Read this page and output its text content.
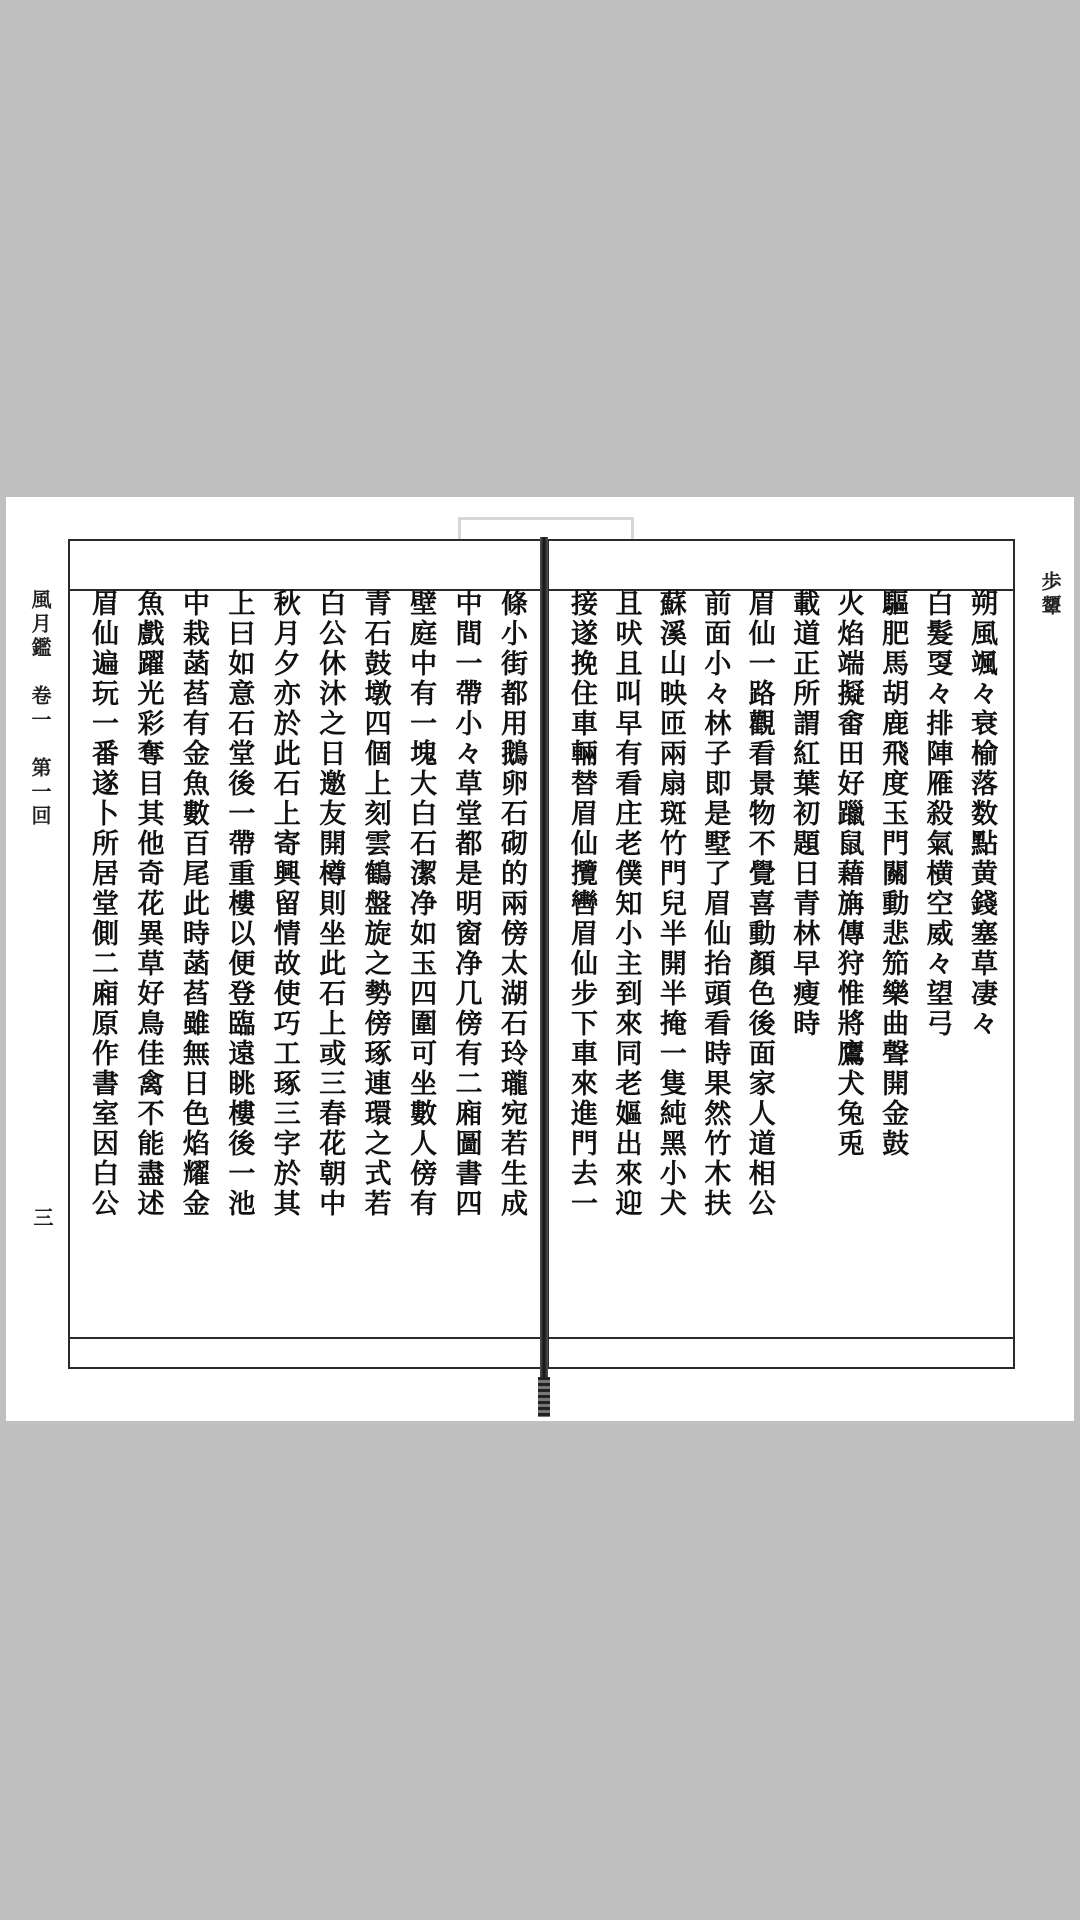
條小街都用鵝卵石砌的兩傍太湖石玲瓏宛若生成
中間一帶小々草堂都是明窗净几傍有二廂圖書四
壁庭中有一塊大白石潔净如玉四圍可坐數人傍有
青石鼓墩四個上刻雲鶴盤旋之勢傍琢連環之式若
白公休沐之日邀友開樽則坐此石上或三春花朝中
秋月夕亦於此石上寄興留情故使巧工琢三字於其
上曰如意石堂後一帶重樓以便登臨遠眺樓後一池
中栽菡萏有金魚數百尾此時菡萏雖無日色焰耀金
魚戲躍光彩奪目其他奇花異草好鳥佳禽不能盡述
眉仙遍玩一番遂卜所居堂側二廂原作書室因白公
風月鑑　卷一　第一回
三
朔風颯々衰榆落数點黄錢塞草凄々
白髮㪅々排陣雁殺氣横空威々望弓
驅肥馬胡鹿飛度玉門關動悲笳樂曲聲開金鼓
火焰端擬畬田好躐鼠藉㫋傳狩惟將鷹犬兔兎
載道正所謂紅葉初題日青林早瘦時
眉仙一路觀看景物不覺喜動顏色後面家人道相公
前面小々林子即是墅了眉仙抬頭看時果然竹木扶
蘇溪山映匝兩扇斑竹門兒半開半掩一隻純黑小犬
且吠且叫早有看庄老僕知小主到來同老嫗出來迎
接遂挽住車輛替眉仙攬轡眉仙步下車來進門去一	歩顰
